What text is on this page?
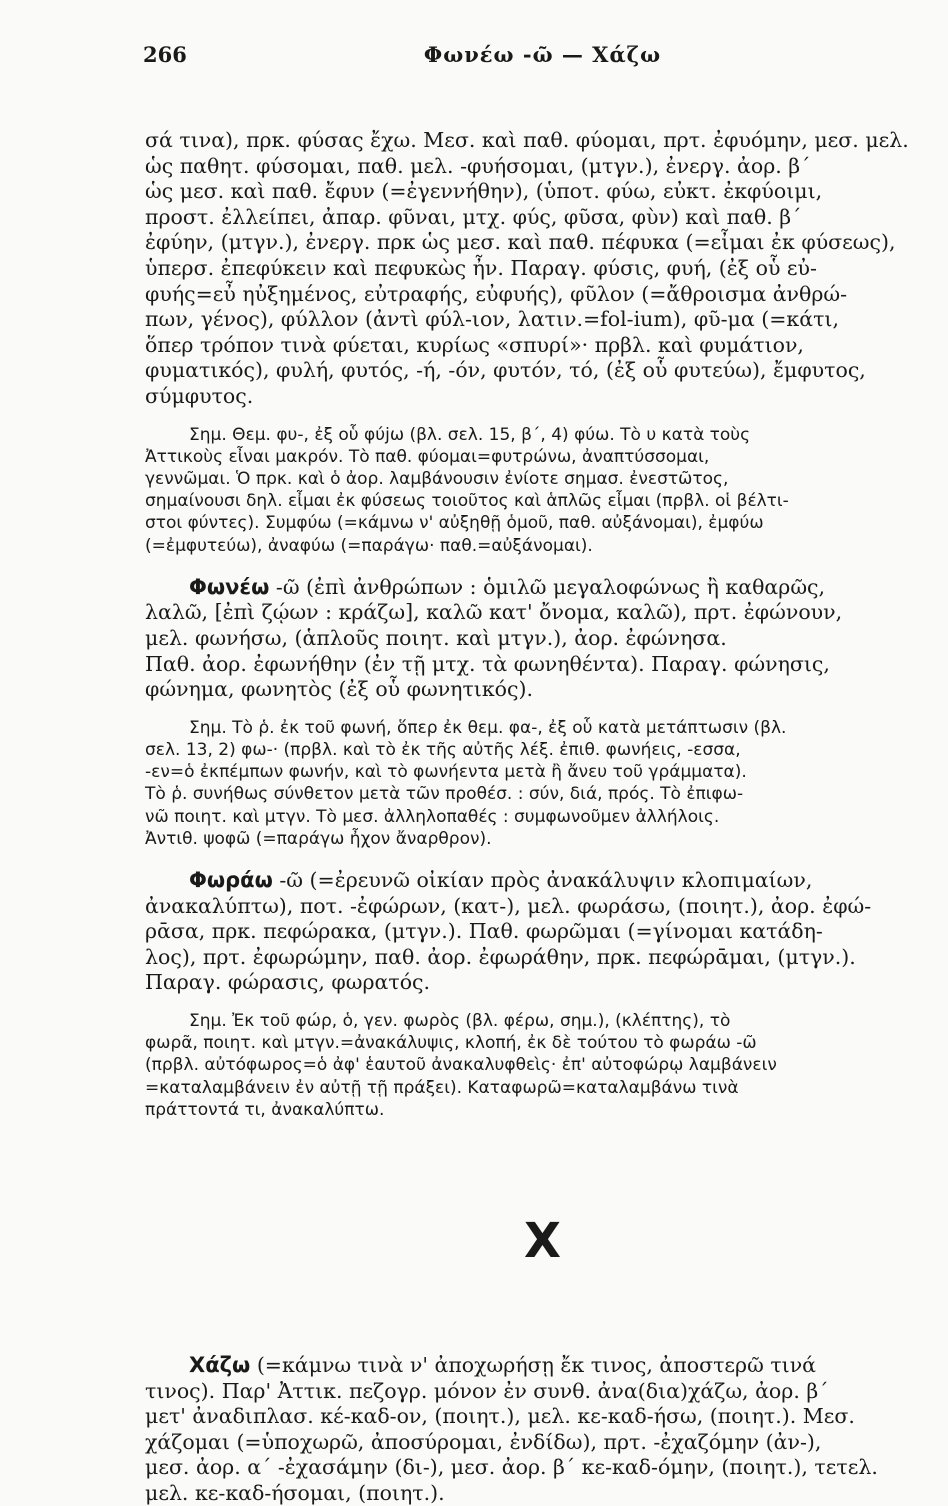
266	Φωνέω -ῶ — Χάζω
σά τινα), πρκ. φύσας ἔχω. Μεσ. καὶ παθ. φύομαι, πρτ. ἐφυόμην, μεσ. μελ.
ὡς παθητ. φύσομαι, παθ. μελ. -φυήσομαι, (μτγν.), ἐνεργ. ἀορ. β΄
ὡς μεσ. καὶ παθ. ἔφυν (=ἐγεννήθην), (ὑποτ. φύω, εὐκτ. ἐκφύοιμι,
προστ. ἐλλείπει, ἀπαρ. φῦναι, μτχ. φύς, φῦσα, φὺν) καὶ παθ. β΄
ἐφύην, (μτγν.), ἐνεργ. πρκ ὡς μεσ. καὶ παθ. πέφυκα (=εἶμαι ἐκ φύσεως),
ὑπερσ. ἐπεφύκειν καὶ πεφυκὼς ἦν. Παραγ. φύσις, φυή, (ἐξ οὗ εὐ-
φυής=εὖ ηὐξημένος, εὐτραφής, εὐφυής), φῦλον (=ἄθροισμα ἀνθρώ-
πων, γένος), φύλλον (ἀντὶ φύλ-ιον, λατιν.=fol-ium), φῦ-μα (=κάτι,
ὅπερ τρόπον τινὰ φύεται, κυρίως «σπυρί»· πρβλ. καὶ φυμάτιον,
φυματικός), φυλή, φυτός, -ή, -όν, φυτόν, τό, (ἐξ οὗ φυτεύω), ἔμφυτος,
σύμφυτος.
Σημ. Θεμ. φυ-, ἐξ οὗ φύjω (βλ. σελ. 15, β΄, 4) φύω. Τὸ υ κατὰ τοὺς
Ἀττικοὺς εἶναι μακρόν. Τὸ παθ. φύομαι=φυτρώνω, ἀναπτύσσομαι,
γεννῶμαι. Ὁ πρκ. καὶ ὁ ἀορ. λαμβάνουσιν ἐνίοτε σημασ. ἐνεστῶτος,
σημαίνουσι δηλ. εἶμαι ἐκ φύσεως τοιοῦτος καὶ ἁπλῶς εἶμαι (πρβλ. οἱ βέλτι-
στοι φύντες). Συμφύω (=κάμνω ν' αὐξηθῇ ὁμοῦ, παθ. αὐξάνομαι), ἐμφύω
(=ἐμφυτεύω), ἀναφύω (=παράγω· παθ.=αὐξάνομαι).
Φωνέω -ῶ (ἐπὶ ἀνθρώπων : ὁμιλῶ μεγαλοφώνως ἢ καθαρῶς,
λαλῶ, [ἐπὶ ζῴων : κράζω], καλῶ κατ' ὄνομα, καλῶ), πρτ. ἐφώνουν,
μελ. φωνήσω, (ἁπλοῦς ποιητ. καὶ μτγν.), ἀορ. ἐφώνησα.
Παθ. ἀορ. ἐφωνήθην (ἐν τῇ μτχ. τὰ φωνηθέντα). Παραγ. φώνησις,
φώνημα, φωνητὸς (ἐξ οὗ φωνητικός).
Σημ. Τὸ ῥ. ἐκ τοῦ φωνή, ὅπερ ἐκ θεμ. φα-, ἐξ οὗ κατὰ μετάπτωσιν (βλ.
σελ. 13, 2) φω-· (πρβλ. καὶ τὸ ἐκ τῆς αὐτῆς λέξ. ἐπιθ. φωνήεις, -εσσα,
-εν=ὁ ἐκπέμπων φωνήν, καὶ τὸ φωνήεντα μετὰ ἢ ἄνευ τοῦ γράμματα).
Τὸ ῥ. συνήθως σύνθετον μετὰ τῶν προθέσ. : σύν, διά, πρός. Τὸ ἐπιφω-
νῶ ποιητ. καὶ μτγν. Τὸ μεσ. ἀλληλοπαθές : συμφωνοῦμεν ἀλλήλοις.
Ἀντιθ. ψοφῶ (=παράγω ἦχον ἄναρθρον).
Φωράω -ῶ (=ἐρευνῶ οἰκίαν πρὸς ἀνακάλυψιν κλοπιμαίων,
ἀνακαλύπτω), ποτ. -ἐφώρων, (κατ-), μελ. φωράσω, (ποιητ.), ἀορ. ἐφώ-
ρᾱσα, πρκ. πεφώρακα, (μτγν.). Παθ. φωρῶμαι (=γίνομαι κατάδη-
λος), πρτ. ἐφωρώμην, παθ. ἀορ. ἐφωράθην, πρκ. πεφώρᾱμαι, (μτγν.).
Παραγ. φώρασις, φωρατός.
Σημ. Ἐκ τοῦ φώρ, ὁ, γεν. φωρὸς (βλ. φέρω, σημ.), (κλέπτης), τὸ
φωρᾶ, ποιητ. καὶ μτγν.=ἀνακάλυψις, κλοπή, ἐκ δὲ τούτου τὸ φωράω -ῶ
(πρβλ. αὐτόφωρος=ὁ ἀφ' ἑαυτοῦ ἀνακαλυφθεὶς· ἐπ' αὐτοφώρῳ λαμβάνειν
=καταλαμβάνειν ἐν αὐτῇ τῇ πράξει). Καταφωρῶ=καταλαμβάνω τινὰ
πράττοντά τι, ἀνακαλύπτω.
X
Χάζω (=κάμνω τινὰ ν' ἀποχωρήσῃ ἔκ τινος, ἀποστερῶ τινά
τινος). Παρ' Ἀττικ. πεζογρ. μόνον ἐν συνθ. ἀνα(δια)χάζω, ἀορ. β΄
μετ' ἀναδιπλασ. κέ-καδ-ον, (ποιητ.), μελ. κε-καδ-ήσω, (ποιητ.). Μεσ.
χάζομαι (=ὑποχωρῶ, ἀποσύρομαι, ἐνδίδω), πρτ. -ἐχαζόμην (ἀν-),
μεσ. ἀορ. α΄ -ἐχασάμην (δι-), μεσ. ἀορ. β΄ κε-καδ-όμην, (ποιητ.), τετελ.
μελ. κε-καδ-ήσομαι, (ποιητ.).
